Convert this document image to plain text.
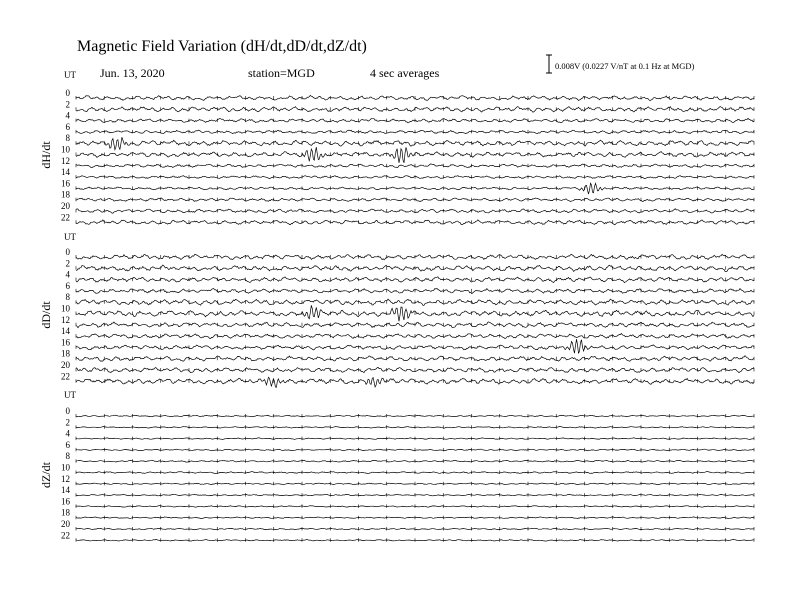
UT
dH/dt
0
2
4
6
8
10
12
14
16
18
20
22
UT
dD/dt
0
2
4
6
8
10
12
14
16
18
20
22
UT
dZ/dt
0
2
4
6
8
10
12
14
16
18
20
22
Magnetic Field Variation (dH/dt,dD/dt,dZ/dt)
Jun. 13, 2020	station=MGD	4 sec averages	0.008V (0.0227 V/nT at 0.1 Hz at MGD)
